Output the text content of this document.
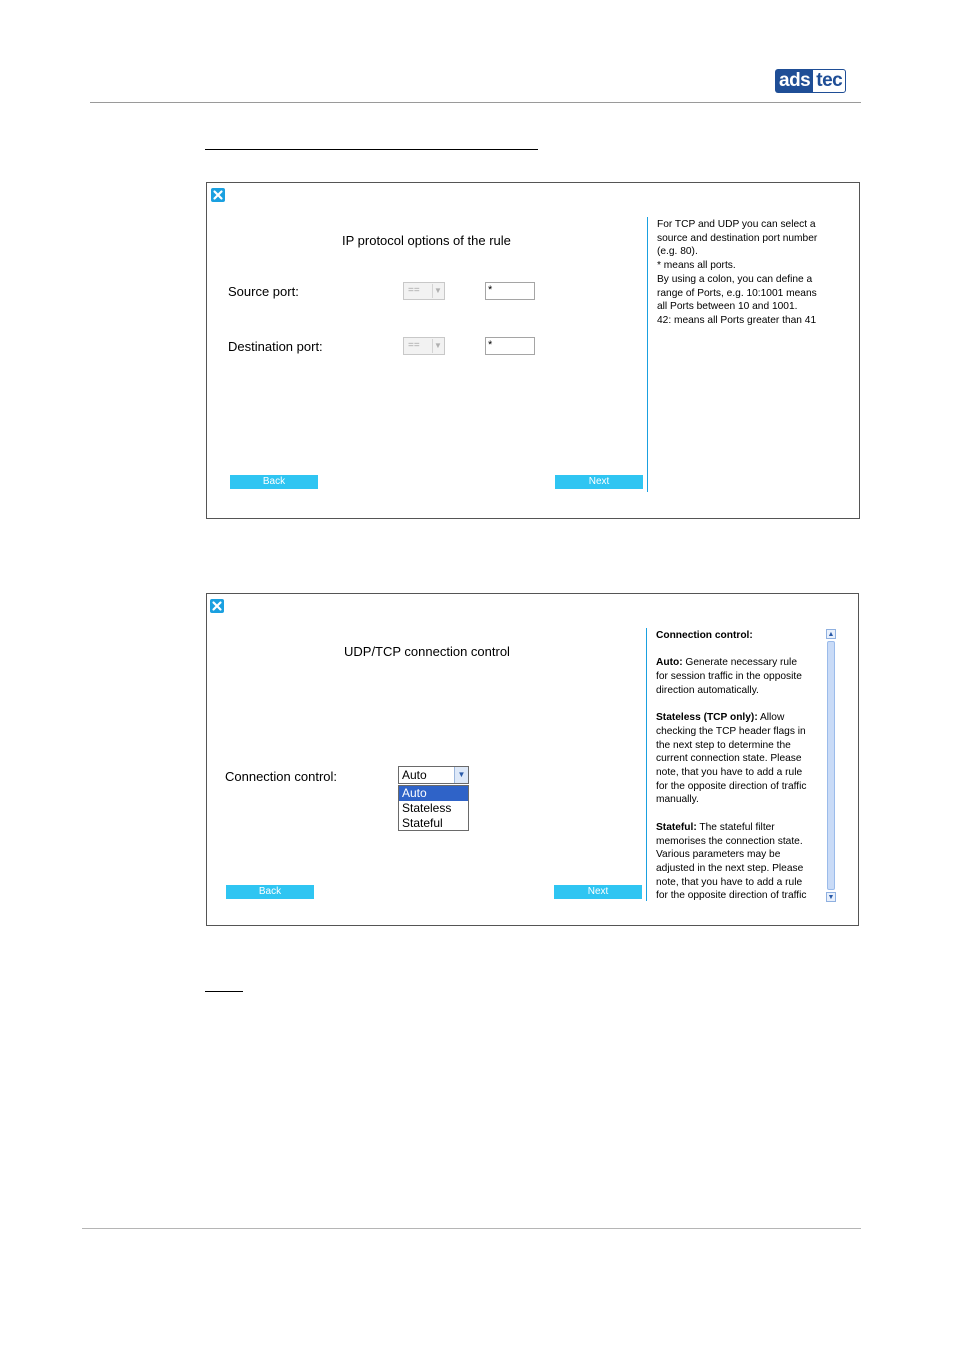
ads tec
IP protocol options of the rule
Source port:	== ▼	*
Destination port:	== ▼	*
Back	Next

For TCP and UDP you can select a

source and destination port number

(e.g. 80).

* means all ports.

By using a colon, you can define a

range of Ports, e.g. 10:1001 means

all Ports between 10 and 1001.

42: means all Ports greater than 41

UDP/TCP connection control
Connection control:
Back	Next

Connection control:

Auto: Generate necessary rule

for session traffic in the opposite

direction automatically.

Stateless (TCP only): Allow

checking the TCP header flags in

the next step to determine the

current connection state. Please

note, that you have to add a rule

for the opposite direction of traffic

manually.

Stateful: The stateful filter

memorises the connection state.

Various parameters may be

adjusted in the next step. Please

note, that you have to add a rule

for the opposite direction of traffic

▲
▼
Auto	▼
Auto
Stateless
Stateful
